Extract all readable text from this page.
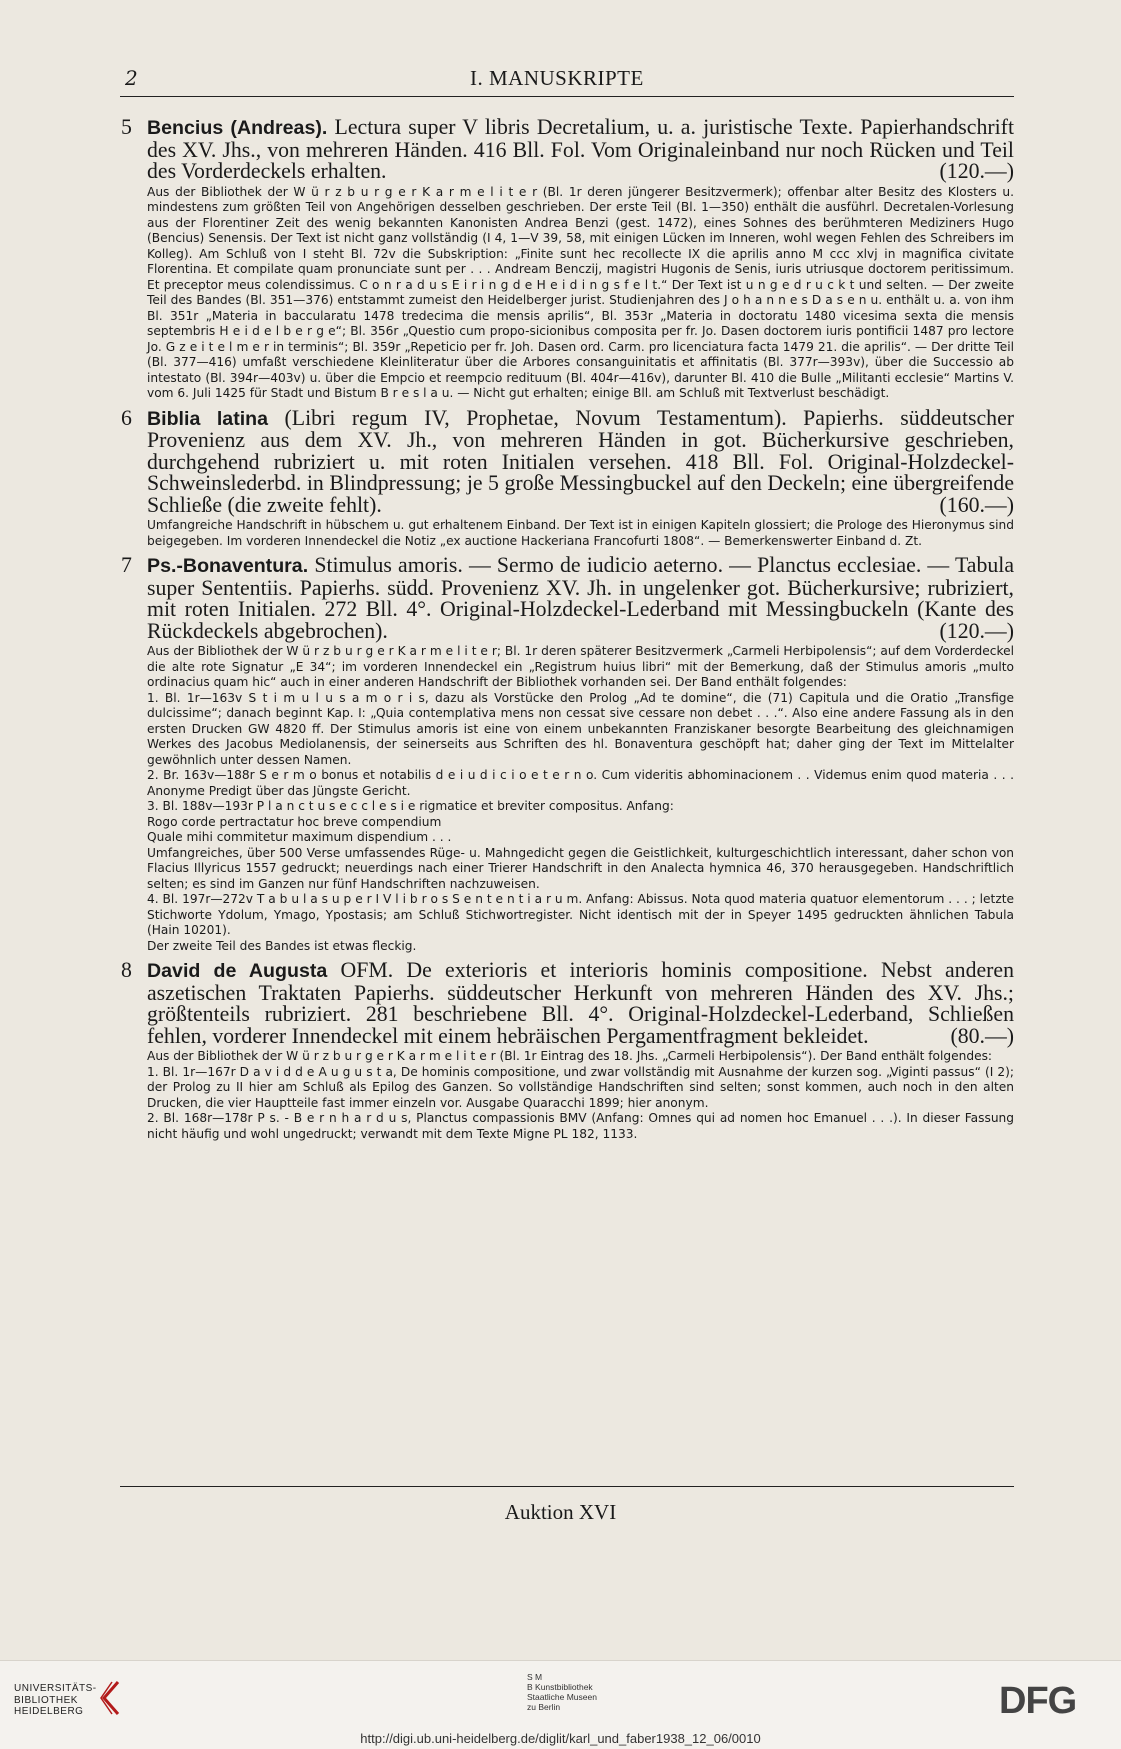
2	I. MANUSKRIPTE

5 Bencius (Andreas). Lectura super V libris Decretalium, u. a. juristische Texte. Papierhandschrift des XV. Jhs., von mehreren Händen. 416 Bll. Fol. Vom Originaleinband nur noch Rücken und Teil des Vorderdeckels erhalten.	(120.—)

Aus der Bibliothek der W ü r z b u r g e r K a r m e l i t e r (Bl. 1r deren jüngerer Besitzvermerk); offenbar alter Besitz des Klosters u. mindestens zum größten Teil von Angehörigen desselben geschrieben. Der erste Teil (Bl. 1—350) enthält die ausführl. Decretalen-Vorlesung aus der Florentiner Zeit des wenig bekannten Kanonisten Andrea Benzi (gest. 1472), eines Sohnes des berühmteren Mediziners Hugo (Bencius) Senensis. Der Text ist nicht ganz vollständig (I 4, 1—V 39, 58, mit einigen Lücken im Inneren, wohl wegen Fehlen des Schreibers im Kolleg). Am Schluß von I steht Bl. 72v die Subskription: „Finite sunt hec recollecte IX die aprilis anno M ccc xlvj in magnifica civitate Florentina. Et compilate quam pronunciate sunt per . . . Andream Benczij, magistri Hugonis de Senis, iuris utriusque doctorem peritissimum. Et preceptor meus colendissimus. C o n r a d u s E i r i n g d e H e i d i n g s f e l t.“ Der Text ist u n g e d r u c k t und selten. — Der zweite Teil des Bandes (Bl. 351—376) entstammt zumeist den Heidelberger jurist. Studienjahren des J o h a n n e s D a s e n u. enthält u. a. von ihm Bl. 351r „Materia in baccularatu 1478 tredecima die mensis aprilis“, Bl. 353r „Materia in doctoratu 1480 vicesima sexta die mensis septembris H e i d e l b e r g e“; Bl. 356r „Questio cum propo-sicionibus composita per fr. Jo. Dasen doctorem iuris pontificii 1487 pro lectore Jo. G z e i t e l m e r in terminis“; Bl. 359r „Repeticio per fr. Joh. Dasen ord. Carm. pro licenciatura facta 1479 21. die aprilis“. — Der dritte Teil (Bl. 377—416) umfaßt verschiedene Kleinliteratur über die Arbores consanguinitatis et affinitatis (Bl. 377r—393v), über die Successio ab intestato (Bl. 394r—403v) u. über die Empcio et reempcio redituum (Bl. 404r—416v), darunter Bl. 410 die Bulle „Militanti ecclesie“ Martins V. vom 6. Juli 1425 für Stadt und Bistum B r e s l a u. — Nicht gut erhalten; einige Bll. am Schluß mit Textverlust beschädigt.

6 Biblia latina (Libri regum IV, Prophetae, Novum Testamentum). Papierhs. süddeutscher Provenienz aus dem XV. Jh., von mehreren Händen in got. Bücherkursive geschrieben, durchgehend rubriziert u. mit roten Initialen versehen. 418 Bll. Fol. Original-Holzdeckel-Schweinslederbd. in Blindpressung; je 5 große Messingbuckel auf den Deckeln; eine übergreifende Schließe (die zweite fehlt).	(160.—)

Umfangreiche Handschrift in hübschem u. gut erhaltenem Einband. Der Text ist in einigen Kapiteln glossiert; die Prologe des Hieronymus sind beigegeben. Im vorderen Innendeckel die Notiz „ex auctione Hackeriana Francofurti 1808“. — Bemerkenswerter Einband d. Zt.

7 Ps.-Bonaventura. Stimulus amoris. — Sermo de iudicio aeterno. — Planctus ecclesiae. — Tabula super Sententiis. Papierhs. südd. Provenienz XV. Jh. in ungelenker got. Bücherkursive; rubriziert, mit roten Initialen. 272 Bll. 4°. Original-Holzdeckel-Lederband mit Messingbuckeln (Kante des Rückdeckels abgebrochen).	(120.—)

Aus der Bibliothek der W ü r z b u r g e r K a r m e l i t e r; Bl. 1r deren späterer Besitzvermerk „Carmeli Herbipolensis“; auf dem Vorderdeckel die alte rote Signatur „E 34“; im vorderen Innendeckel ein „Registrum huius libri“ mit der Bemerkung, daß der Stimulus amoris „multo ordinacius quam hic“ auch in einer anderen Handschrift der Bibliothek vorhanden sei. Der Band enthält folgendes:
1. Bl. 1r—163v S t i m u l u s a m o r i s, dazu als Vorstücke den Prolog „Ad te domine“, die (71) Capitula und die Oratio „Transfige dulcissime“; danach beginnt Kap. I: „Quia contemplativa mens non cessat sive cessare non debet . . .“. Also eine andere Fassung als in den ersten Drucken GW 4820 ff. Der Stimulus amoris ist eine von einem unbekannten Franziskaner besorgte Bearbeitung des gleichnamigen Werkes des Jacobus Mediolanensis, der seinerseits aus Schriften des hl. Bonaventura geschöpft hat; daher ging der Text im Mittelalter gewöhnlich unter dessen Namen.
2. Br. 163v—188r S e r m o bonus et notabilis d e i u d i c i o e t e r n o. Cum videritis abhominacionem . . Videmus enim quod materia . . . Anonyme Predigt über das Jüngste Gericht.
3. Bl. 188v—193r P l a n c t u s e c c l e s i e rigmatice et breviter compositus. Anfang:
Rogo corde pertractatur hoc breve compendium
Quale mihi commitetur maximum dispendium . . .
Umfangreiches, über 500 Verse umfassendes Rüge- u. Mahngedicht gegen die Geistlichkeit, kulturgeschichtlich interessant, daher schon von Flacius Illyricus 1557 gedruckt; neuerdings nach einer Trierer Handschrift in den Analecta hymnica 46, 370 herausgegeben. Handschriftlich selten; es sind im Ganzen nur fünf Handschriften nachzuweisen.
4. Bl. 197r—272v T a b u l a s u p e r I V l i b r o s S e n t e n t i a r u m. Anfang: Abissus. Nota quod materia quatuor elementorum . . . ; letzte Stichworte Ydolum, Ymago, Ypostasis; am Schluß Stichwortregister. Nicht identisch mit der in Speyer 1495 gedruckten ähnlichen Tabula (Hain 10201).
Der zweite Teil des Bandes ist etwas fleckig.

8 David de Augusta OFM. De exterioris et interioris hominis compositione. Nebst anderen aszetischen Traktaten Papierhs. süddeutscher Herkunft von mehreren Händen des XV. Jhs.; größtenteils rubriziert. 281 beschriebene Bll. 4°. Original-Holzdeckel-Lederband, Schließen fehlen, vorderer Innendeckel mit einem hebräischen Pergamentfragment bekleidet.	(80.—)

Aus der Bibliothek der W ü r z b u r g e r K a r m e l i t e r (Bl. 1r Eintrag des 18. Jhs. „Carmeli Herbipolensis“). Der Band enthält folgendes:
1. Bl. 1r—167r D a v i d d e A u g u s t a, De hominis compositione, und zwar vollständig mit Ausnahme der kurzen sog. „Viginti passus“ (I 2); der Prolog zu II hier am Schluß als Epilog des Ganzen. So vollständige Handschriften sind selten; sonst kommen, auch noch in den alten Drucken, die vier Hauptteile fast immer einzeln vor. Ausgabe Quaracchi 1899; hier anonym.
2. Bl. 168r—178r P s. - B e r n h a r d u s, Planctus compassionis BMV (Anfang: Omnes qui ad nomen hoc Emanuel . . .). In dieser Fassung nicht häufig und wohl ungedruckt; verwandt mit dem Texte Migne PL 182, 1133.

Auktion XVI
UNIVERSITÄTS-
BIBLIOTHEK
HEIDELBERG
S M
B Kunstbibliothek
Staatliche Museen
zu Berlin	DFG
http://digi.ub.uni-heidelberg.de/diglit/karl_und_faber1938_12_06/0010
